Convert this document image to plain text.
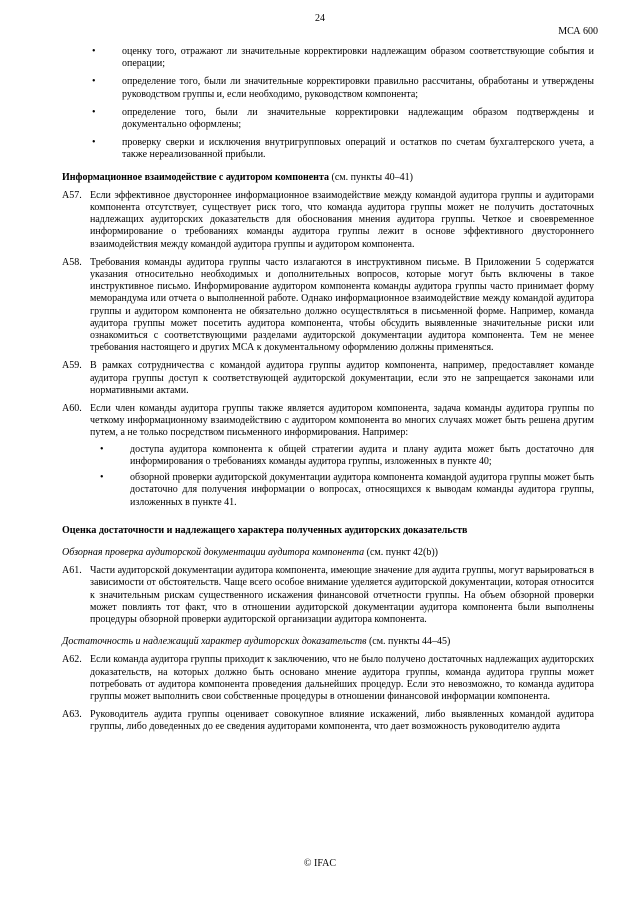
24
МСА 600
•	оценку того, отражают ли значительные корректировки надлежащим образом соответствующие события и операции;
•	определение того, были ли значительные корректировки правильно рассчитаны, обработаны и утверждены руководством группы и, если необходимо, руководством компонента;
•	определение того, были ли значительные корректировки надлежащим образом подтверждены и документально оформлены;
•	проверку сверки и исключения внутригрупповых операций и остатков по счетам бухгалтерского учета, а также нереализованной прибыли.
Информационное взаимодействие с аудитором компонента (см. пункты 40–41)
A57. Если эффективное двустороннее информационное взаимодействие между командой аудитора группы и аудиторами компонента отсутствует, существует риск того, что команда аудитора группы может не получить достаточных надлежащих аудиторских доказательств для обоснования мнения аудитора группы. Четкое и своевременное информирование о требованиях команды аудитора группы лежит в основе эффективного двустороннего взаимодействия между командой аудитора группы и аудитором компонента.
A58. Требования команды аудитора группы часто излагаются в инструктивном письме. В Приложении 5 содержатся указания относительно необходимых и дополнительных вопросов, которые могут быть включены в такое инструктивное письмо. Информирование аудитором компонента команды аудитора группы часто принимает форму меморандума или отчета о выполненной работе. Однако информационное взаимодействие между командой аудитора группы и аудитором компонента не обязательно должно осуществляться в письменной форме. Например, команда аудитора группы может посетить аудитора компонента, чтобы обсудить выявленные значительные риски или ознакомиться с соответствующими разделами аудиторской документации аудитора компонента. Тем не менее требования настоящего и других МСА к документальному оформлению должны применяться.
A59. В рамках сотрудничества с командой аудитора группы аудитор компонента, например, предоставляет команде аудитора группы доступ к соответствующей аудиторской документации, если это не запрещается законами или нормативными актами.
A60. Если член команды аудитора группы также является аудитором компонента, задача команды аудитора группы по четкому информационному взаимодействию с аудитором компонента во многих случаях может быть решена другим путем, а не только посредством письменного информирования. Например:
•	доступа аудитора компонента к общей стратегии аудита и плану аудита может быть достаточно для информирования о требованиях команды аудитора группы, изложенных в пункте 40;
•	обзорной проверки аудиторской документации аудитора компонента командой аудитора группы может быть достаточно для получения информации о вопросах, относящихся к выводам команды аудитора группы, изложенных в пункте 41.
Оценка достаточности и надлежащего характера полученных аудиторских доказательств
Обзорная проверка аудиторской документации аудитора компонента (см. пункт 42(b))
A61. Части аудиторской документации аудитора компонента, имеющие значение для аудита группы, могут варьироваться в зависимости от обстоятельств. Чаще всего особое внимание уделяется аудиторской документации, которая относится к значительным рискам существенного искажения финансовой отчетности группы. На объем обзорной проверки может повлиять тот факт, что в отношении аудиторской документации аудитора компонента были выполнены процедуры обзорной проверки аудиторской организации аудитора компонента.
Достаточность и надлежащий характер аудиторских доказательств (см. пункты 44–45)
A62. Если команда аудитора группы приходит к заключению, что не было получено достаточных надлежащих аудиторских доказательств, на которых должно быть основано мнение аудитора группы, команда аудитора группы может потребовать от аудитора компонента проведения дальнейших процедур. Если это невозможно, то команда аудитора группы может выполнить свои собственные процедуры в отношении финансовой информации компонента.
A63. Руководитель аудита группы оценивает совокупное влияние искажений, либо выявленных командой аудитора группы, либо доведенных до ее сведения аудиторами компонента, что дает возможность руководителю аудита
© IFAC
